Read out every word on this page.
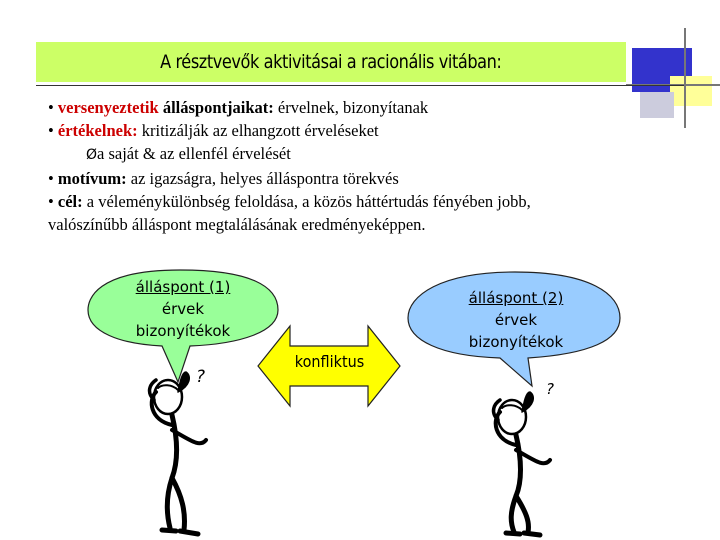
A résztvevők aktivitásai a racionális vitában:
• versenyeztetik álláspontjaikat: érvelnek, bizonyítanak
• értékelnek: kritizálják az elhangzott érveléseket
Øa saját & az ellenfél érvelését
• motívum: az igazságra, helyes álláspontra törekvés
• cél: a véleménykülönbség feloldása, a közös háttértudás fényében jobb,
valószínűbb álláspont megtalálásának eredményeképpen.
?
?
álláspont (1)
érvek
bizonyítékok
álláspont (2)
érvek
bizonyítékok
konfliktus
